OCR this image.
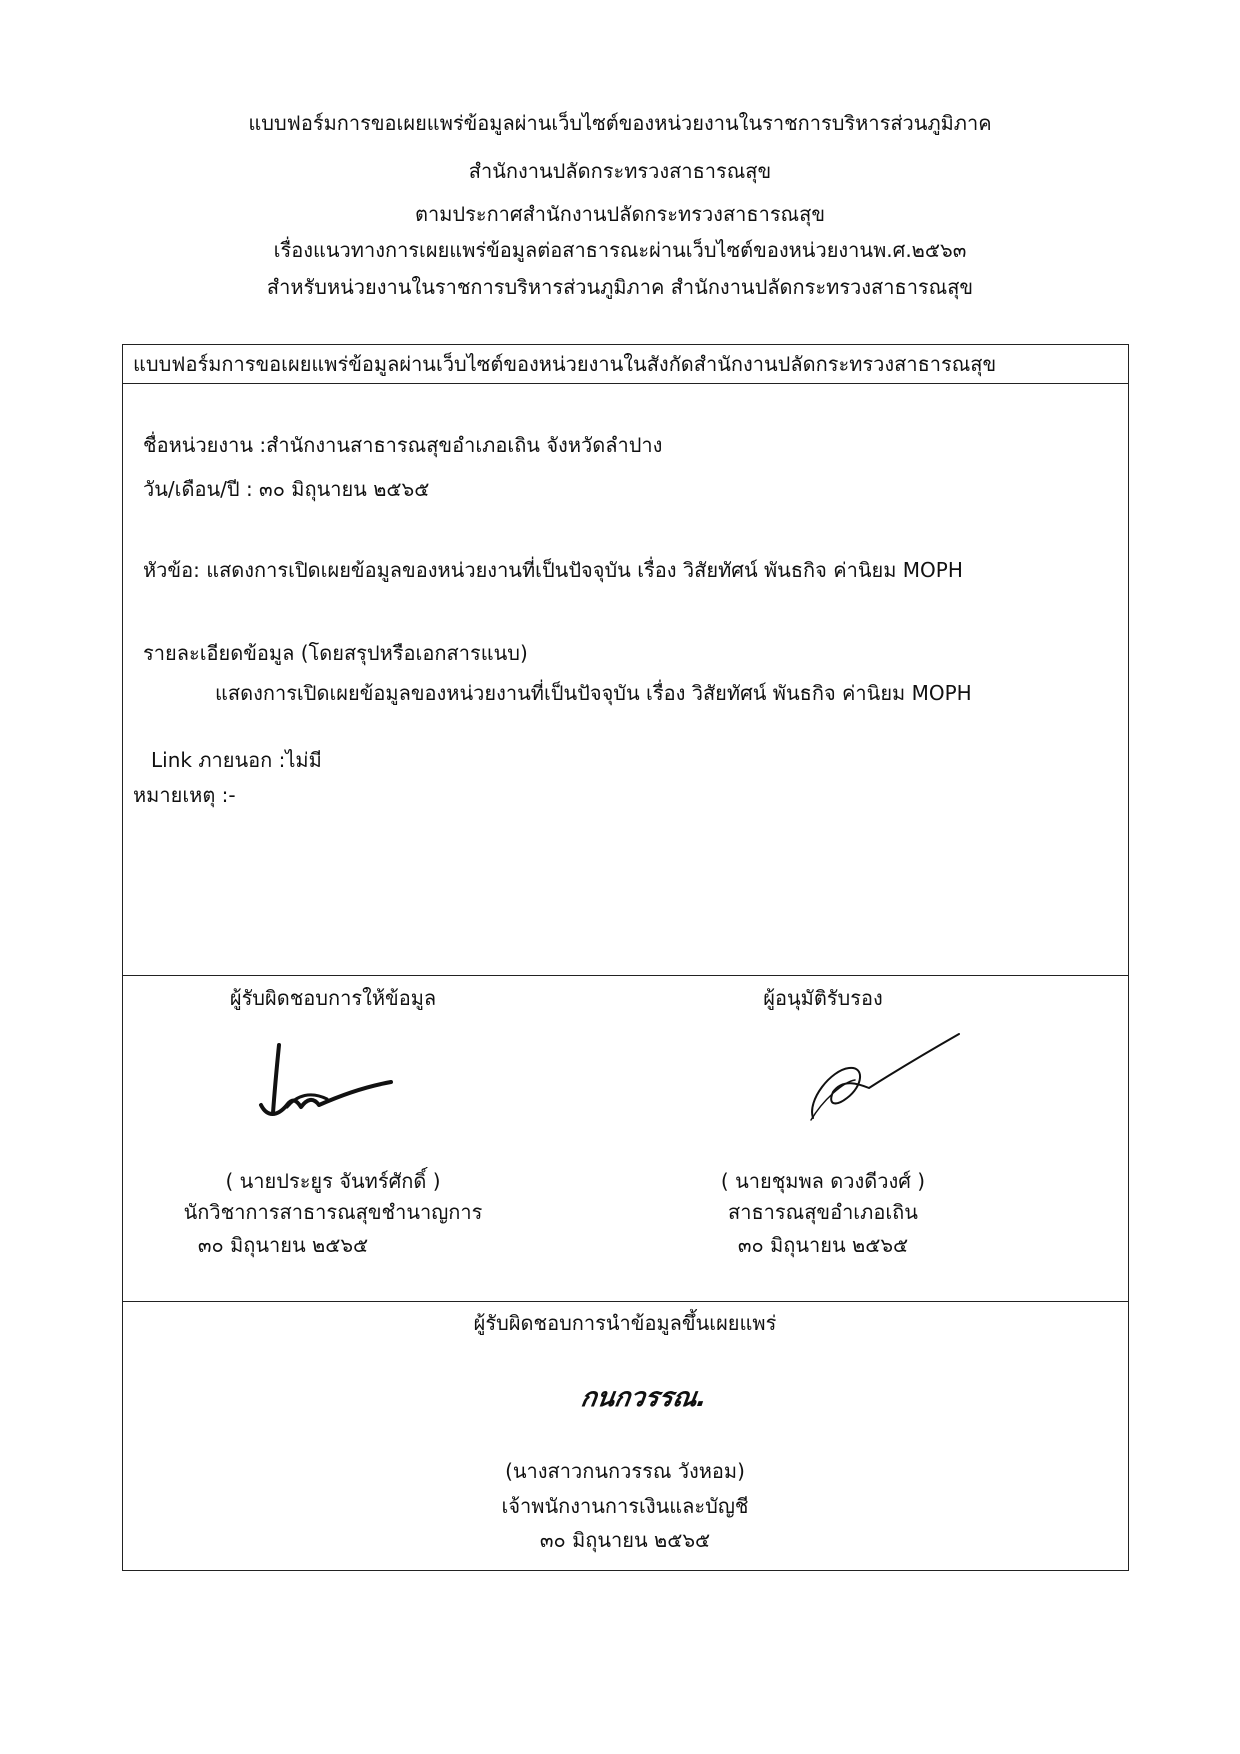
แบบฟอร์มการขอเผยแพร่ข้อมูลผ่านเว็บไซต์ของหน่วยงานในราชการบริหารส่วนภูมิภาค
สำนักงานปลัดกระทรวงสาธารณสุข
ตามประกาศสำนักงานปลัดกระทรวงสาธารณสุข
เรื่องแนวทางการเผยแพร่ข้อมูลต่อสาธารณะผ่านเว็บไซต์ของหน่วยงานพ.ศ.๒๕๖๓
สำหรับหน่วยงานในราชการบริหารส่วนภูมิภาค สำนักงานปลัดกระทรวงสาธารณสุข
แบบฟอร์มการขอเผยแพร่ข้อมูลผ่านเว็บไซต์ของหน่วยงานในสังกัดสำนักงานปลัดกระทรวงสาธารณสุข
ชื่อหน่วยงาน :สำนักงานสาธารณสุขอำเภอเถิน จังหวัดลำปาง
วัน/เดือน/ปี : ๓๐ มิถุนายน ๒๕๖๕
หัวข้อ: แสดงการเปิดเผยข้อมูลของหน่วยงานที่เป็นปัจจุบัน เรื่อง วิสัยทัศน์ พันธกิจ ค่านิยม MOPH
รายละเอียดข้อมูล (โดยสรุปหรือเอกสารแนบ)
แสดงการเปิดเผยข้อมูลของหน่วยงานที่เป็นปัจจุบัน เรื่อง วิสัยทัศน์ พันธกิจ ค่านิยม MOPH
Link ภายนอก :ไม่มี
หมายเหตุ :-
ผู้รับผิดชอบการให้ข้อมูล
( นายประยูร จันทร์ศักดิ์ )
นักวิชาการสาธารณสุขชำนาญการ
๓๐ มิถุนายน ๒๕๖๕
ผู้อนุมัติรับรอง
( นายชุมพล ดวงดีวงศ์ )
สาธารณสุขอำเภอเถิน
๓๐ มิถุนายน ๒๕๖๕
ผู้รับผิดชอบการนำข้อมูลขึ้นเผยแพร่
กนกวรรณ.
(นางสาวกนกวรรณ วังหอม)
เจ้าพนักงานการเงินและบัญชี
๓๐ มิถุนายน ๒๕๖๕
